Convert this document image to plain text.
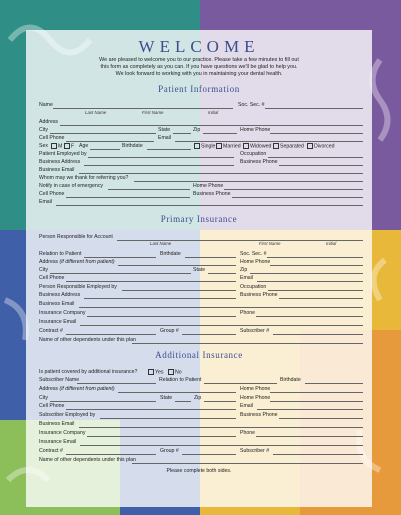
WELCOME
We are pleased to welcome you to our practice. Please take a few minutes to fill out
this form as completely as you can. If you have questions we'll be glad to help you.
We look forward to working with you in maintaining your dental health.
Patient Information
Name	Soc. Sec. #
Last Name	First Name	Initial
Address
City	State	Zip	Home Phone
Cell Phone	Email
Sex	M	F Age	Birthdate	Single	Married	Widowed	Separated	Divorced
Patient Employed by	Occupation
Business Address	Business Phone
Business Email
Whom may we thank for referring you?
Notify in case of emergency	Home Phone
Cell Phone	Business Phone
Email
Primary Insurance
Person Responsible for Account
Last Name	First Name	Initial
Relation to Patient	Birthdate	Soc. Sec. #
Address (if different from patient)	Home Phone
City	State	Zip
Cell Phone	Email
Person Responsible Employed by	Occupation
Business Address	Business Phone
Business Email
Insurance Company	Phone
Insurance Email
Contract #	Group #	Subscriber #
Name of other dependents under this plan
Additional Insurance
Is patient covered by additional insurance?	Yes	No
Subscriber Name	Relation to Patient	Birthdate
Address (if different from patient)	Home Phone
City	State	Zip	Home Phone
Cell Phone	Email
Subscriber Employed by	Business Phone
Business Email
Insurance Company	Phone
Insurance Email
Contract #	Group #	Subscriber #
Name of other dependents under this plan
Please complete both sides.
